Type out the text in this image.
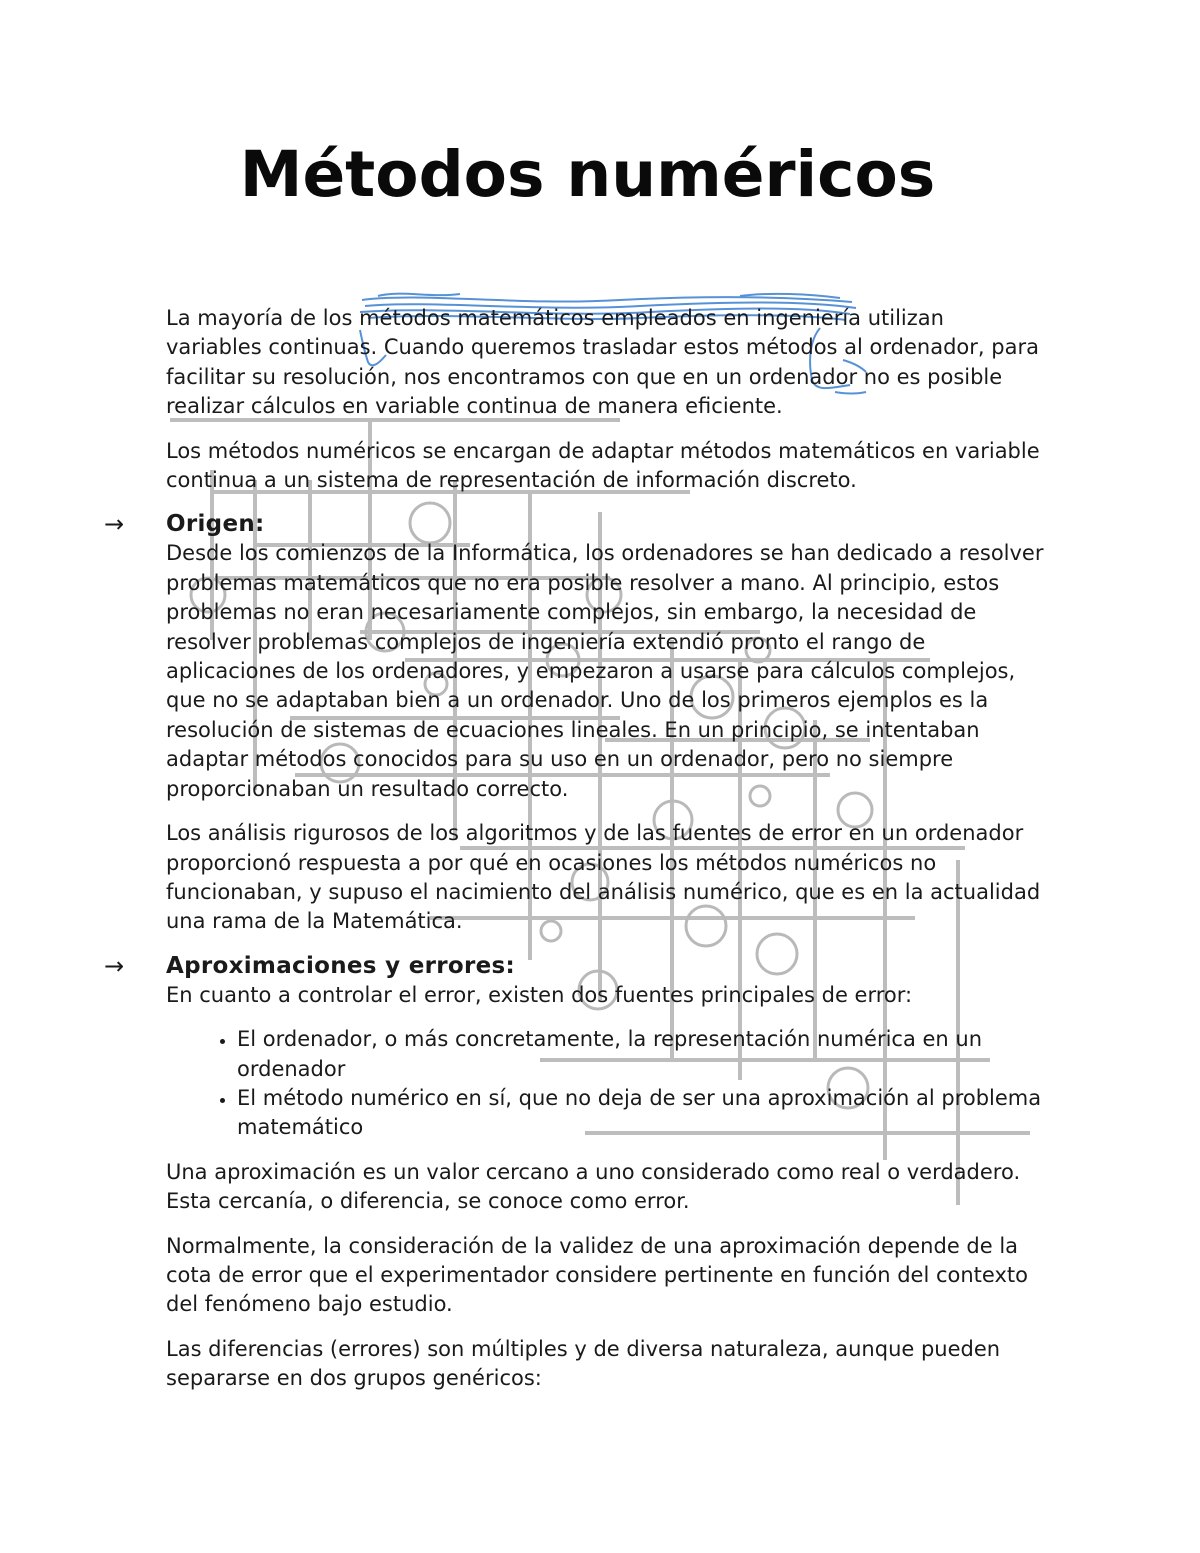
Métodos numéricos

La mayoría de los métodos matemáticos empleados en ingeniería utilizan variables continuas. Cuando queremos trasladar estos métodos al ordenador, para facilitar su resolución, nos encontramos con que en un ordenador no es posible realizar cálculos en variable continua de manera eficiente.

Los métodos numéricos se encargan de adaptar métodos matemáticos en variable continua a un sistema de representación de información discreto.

→ Origen:

Desde los comienzos de la Informática, los ordenadores se han dedicado a resolver problemas matemáticos que no era posible resolver a mano. Al principio, estos problemas no eran necesariamente complejos, sin embargo, la necesidad de resolver problemas complejos de ingeniería extendió pronto el rango de aplicaciones de los ordenadores, y empezaron a usarse para cálculos complejos, que no se adaptaban bien a un ordenador. Uno de los primeros ejemplos es la resolución de sistemas de ecuaciones lineales. En un principio, se intentaban adaptar métodos conocidos para su uso en un ordenador, pero no siempre proporcionaban un resultado correcto.

Los análisis rigurosos de los algoritmos y de las fuentes de error en un ordenador proporcionó respuesta a por qué en ocasiones los métodos numéricos no funcionaban, y supuso el nacimiento del análisis numérico, que es en la actualidad una rama de la Matemática.

→ Aproximaciones y errores:

En cuanto a controlar el error, existen dos fuentes principales de error:

• El ordenador, o más concretamente, la representación numérica en un ordenador
• El método numérico en sí, que no deja de ser una aproximación al problema matemático

Una aproximación es un valor cercano a uno considerado como real o verdadero. Esta cercanía, o diferencia, se conoce como error.

Normalmente, la consideración de la validez de una aproximación depende de la cota de error que el experimentador considere pertinente en función del contexto del fenómeno bajo estudio.

Las diferencias (errores) son múltiples y de diversa naturaleza, aunque pueden separarse en dos grupos genéricos:
